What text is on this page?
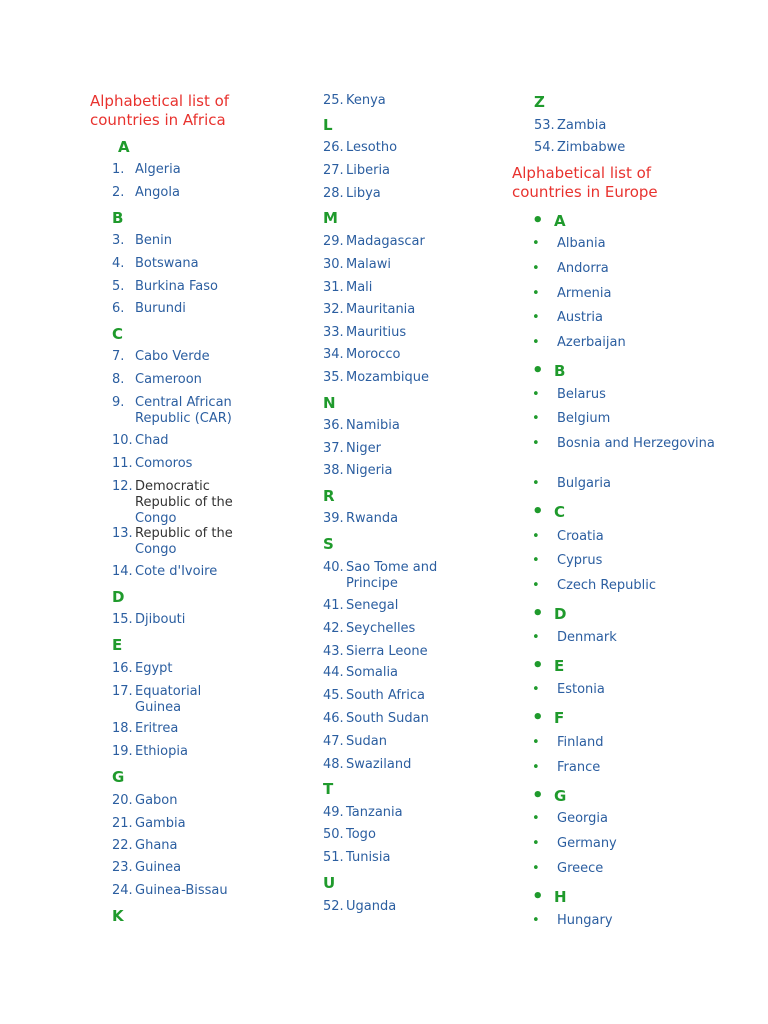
Alphabetical list of countries in Africa
A
1. Algeria
2. Angola
B
3. Benin
4. Botswana
5. Burkina Faso
6. Burundi
C
7. Cabo Verde
8. Cameroon
9. Central African Republic (CAR)
10. Chad
11. Comoros
12. Democratic Republic of the Congo
13. Republic of the Congo
14. Cote d'Ivoire
D
15. Djibouti
E
16. Egypt
17. Equatorial Guinea
18. Eritrea
19. Ethiopia
G
20. Gabon
21. Gambia
22. Ghana
23. Guinea
24. Guinea-Bissau
K
25. Kenya
L
26. Lesotho
27. Liberia
28. Libya
M
29. Madagascar
30. Malawi
31. Mali
32. Mauritania
33. Mauritius
34. Morocco
35. Mozambique
N
36. Namibia
37. Niger
38. Nigeria
R
39. Rwanda
S
40. Sao Tome and Principe
41. Senegal
42. Seychelles
43. Sierra Leone
44. Somalia
45. South Africa
46. South Sudan
47. Sudan
48. Swaziland
T
49. Tanzania
50. Togo
51. Tunisia
U
52. Uganda
Z
53. Zambia
54. Zimbabwe
Alphabetical list of countries in Europe
• A
•	Albania
•	Andorra
•	Armenia
•	Austria
•	Azerbaijan
• B
•	Belarus
•	Belgium
•	Bosnia and Herzegovina
•	Bulgaria
• C
•	Croatia
•	Cyprus
•	Czech Republic
• D
•	Denmark
• E
•	Estonia
• F
•	Finland
•	France
• G
•	Georgia
•	Germany
•	Greece
• H
•	Hungary
